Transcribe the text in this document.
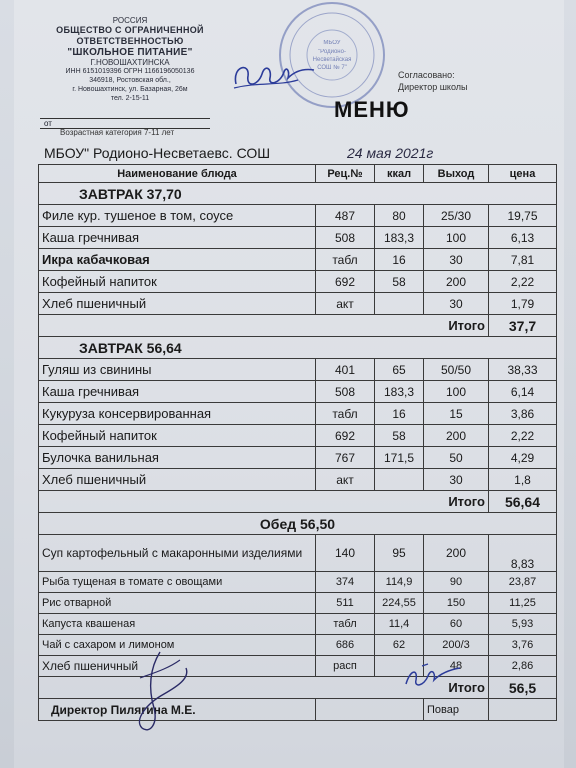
РОССИЯ
ОБЩЕСТВО С ОГРАНИЧЕННОЙ
ОТВЕТСТВЕННОСТЬЮ
"ШКОЛЬНОЕ ПИТАНИЕ"
Г.НОВОШАХТИНСКА
ИНН 6151019396 ОГРН 1166196050136
346918, Ростовская обл.,
г. Новошахтинск, ул. Базарная, 26м
тел. 2-15-11
от
Возрастная категория 7-11 лет
МБОУ
"Родионо-
Несветайская
СОШ № 7"
Согласовано:
Директор школы
МЕНЮ
МБОУ" Родионо-Несветаевс. СОШ	24 мая 2021г
Наименование блюда	Рец.№	ккал	Выход	цена
ЗАВТРАК 37,70				
Филе кур. тушеное в том, соусе	487	80	25/30	19,75
Каша гречнивая	508	183,3	100	6,13
Икра кабачковая	табл	16	30	7,81
Кофейный напиток	692	58	200	2,22
Хлеб пшеничный	акт		30	1,79
Итого				37,7
ЗАВТРАК 56,64				
Гуляш из свинины	401	65	50/50	38,33
Каша гречнивая	508	183,3	100	6,14
Кукуруза консервированная	табл	16	15	3,86
Кофейный напиток	692	58	200	2,22
Булочка ванильная	767	171,5	50	4,29
Хлеб пшеничный	акт		30	1,8
Итого				56,64
Обед 56,50				
Суп картофельный с макаронными изделиями	140	95	200	8,83
Рыба тущеная в томате с овощами	374	114,9	90	23,87
Рис отварной	511	224,55	150	11,25
Капуста квашеная	табл	11,4	60	5,93
Чай с сахаром и лимоном	686	62	200/3	3,76
Хлеб пшеничный	расп		48	2,86
Итого				56,5
Директор Пилягина М.Е.			Повар	
